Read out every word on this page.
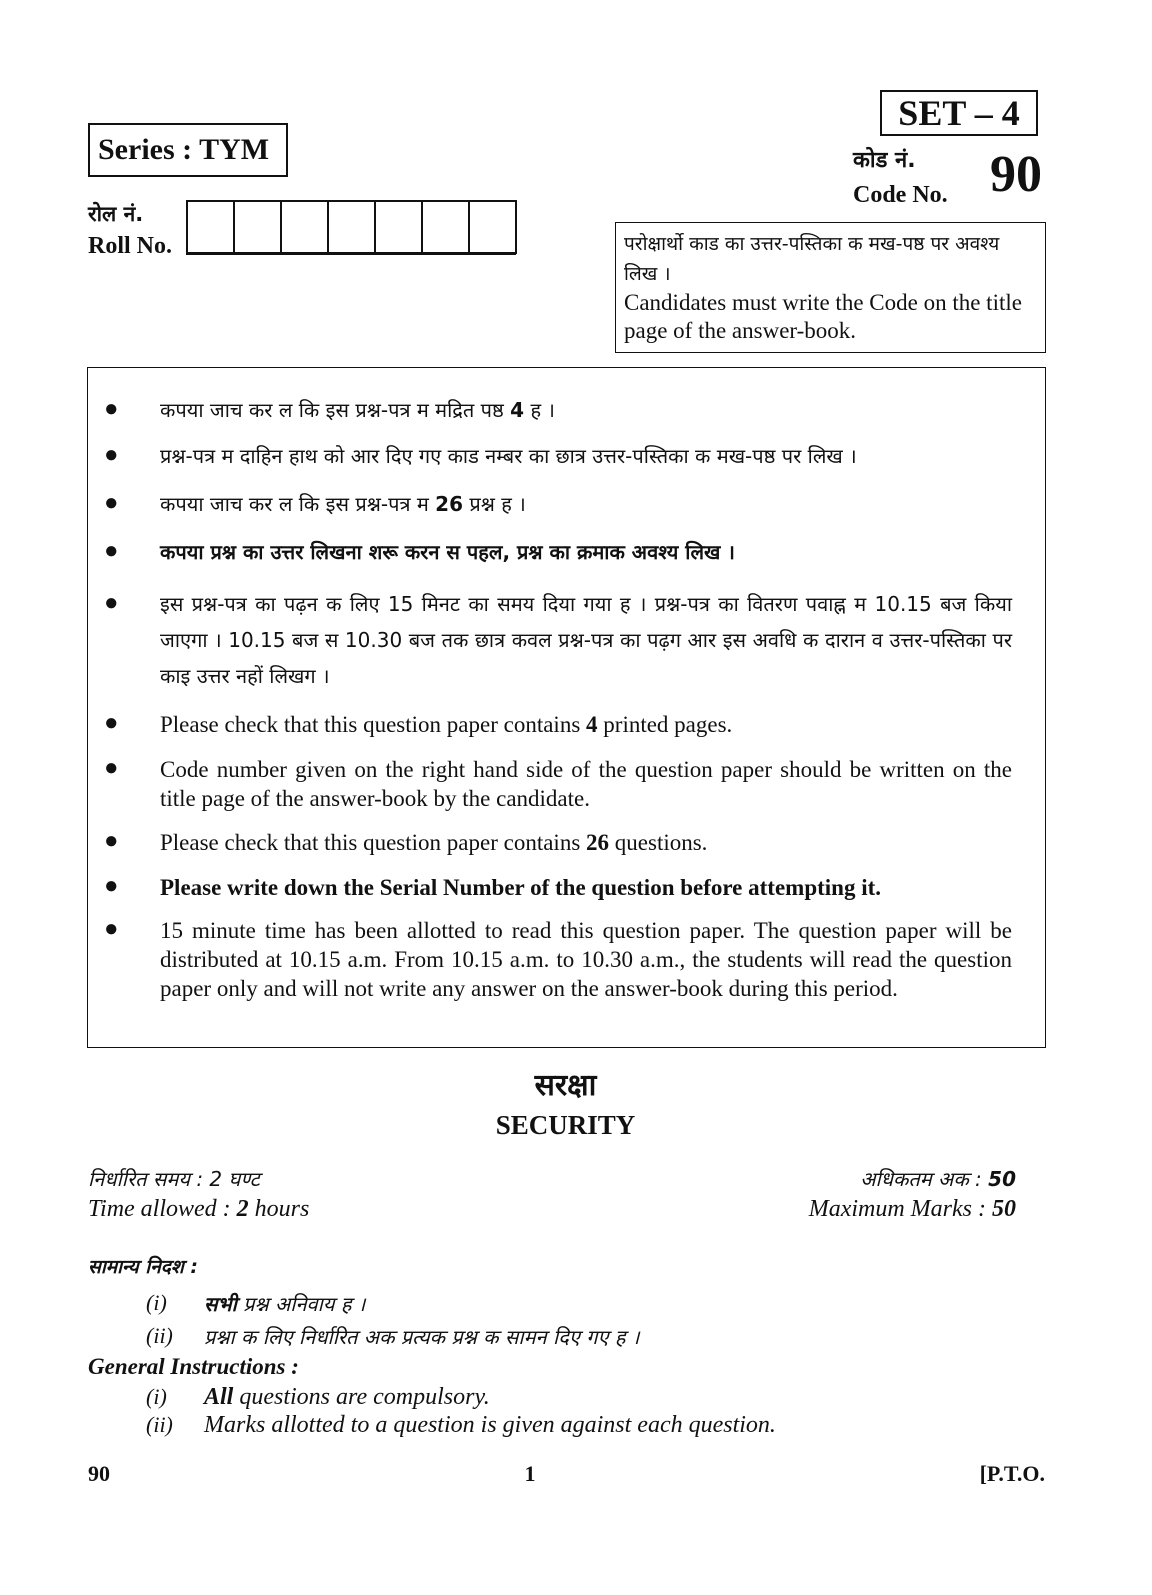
Series : TYM
SET – 4
कोड नं.
Code No. 90
रोल नं.
Roll No.	परोक्षार्थो काड का उत्तर-पस्तिका क मख-पष्ठ पर अवश्य लिख ।
Candidates must write the Code on the title page of the answer-book.
● कपया जाच कर ल कि इस प्रश्न-पत्र म मद्रित पष्ठ 4 ह ।
● प्रश्न-पत्र म दाहिन हाथ को आर दिए गए काड नम्बर का छात्र उत्तर-पस्तिका क मख-पष्ठ पर लिख ।
● कपया जाच कर ल कि इस प्रश्न-पत्र म 26 प्रश्न ह ।
● कपया प्रश्न का उत्तर लिखना शरू करन स पहल, प्रश्न का क्रमाक अवश्य लिख ।
● इस प्रश्न-पत्र का पढ़न क लिए 15 मिनट का समय दिया गया ह । प्रश्न-पत्र का वितरण पवाह्न म 10.15 बज किया जाएगा । 10.15 बज स 10.30 बज तक छात्र कवल प्रश्न-पत्र का पढ़ग आर इस अवधि क दारान व उत्तर-पस्तिका पर काइ उत्तर नहों लिखग ।
● Please check that this question paper contains 4 printed pages.
● Code number given on the right hand side of the question paper should be written on the title page of the answer-book by the candidate.
● Please check that this question paper contains 26 questions.
● Please write down the Serial Number of the question before attempting it.
● 15 minute time has been allotted to read this question paper. The question paper will be distributed at 10.15 a.m. From 10.15 a.m. to 10.30 a.m., the students will read the question paper only and will not write any answer on the answer-book during this period.
सरक्षा
SECURITY
निर्धारित समय : 2 घण्ट
Time allowed : 2 hours
अधिकतम अक : 50
Maximum Marks : 50
सामान्य निदश :
(i) सभी प्रश्न अनिवाय ह ।
(ii) प्रश्ना क लिए निर्धारित अक प्रत्यक प्रश्न क सामन दिए गए ह ।
General Instructions :
(i) All questions are compulsory.
(ii) Marks allotted to a question is given against each question.
90	1	[P.T.O.
